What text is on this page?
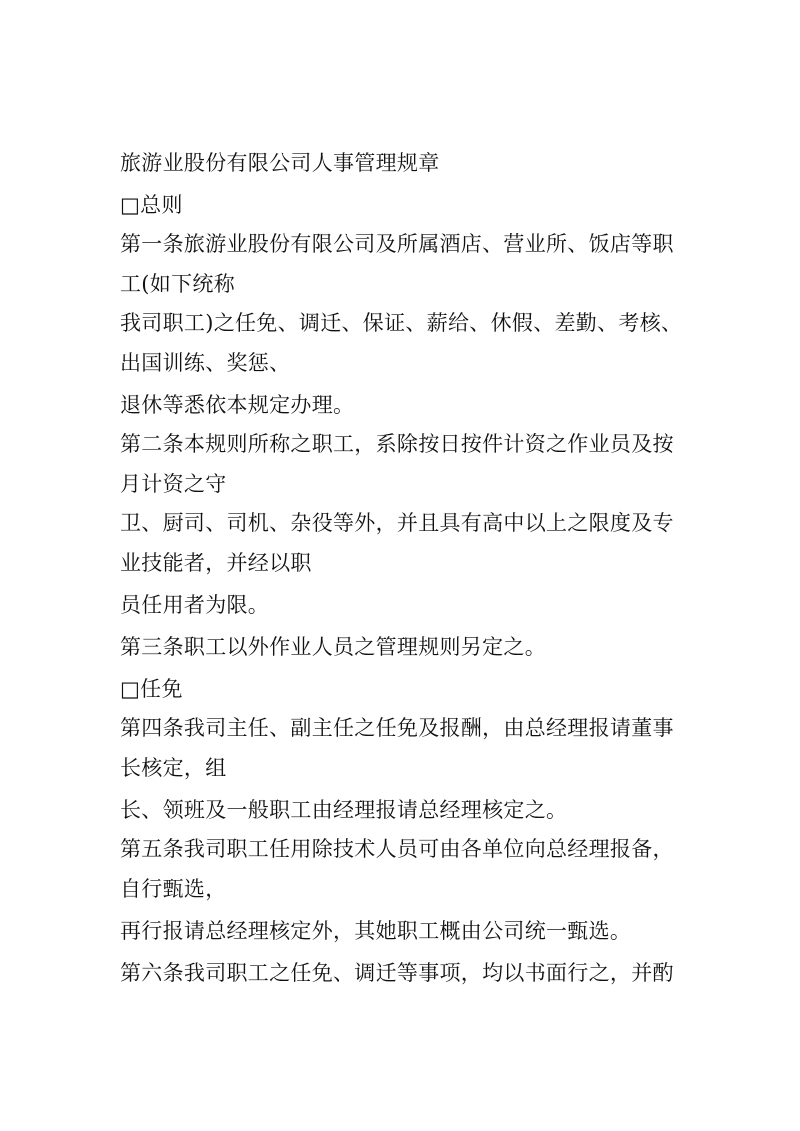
旅游业股份有限公司人事管理规章
□总则
第一条旅游业股份有限公司及所属酒店、营业所、饭店等职
工(如下统称
我司职工)之任免、调迁、保证、薪给、休假、差勤、考核、
出国训练、奖惩、
退休等悉依本规定办理。
第二条本规则所称之职工，系除按日按件计资之作业员及按
月计资之守
卫、厨司、司机、杂役等外，并且具有高中以上之限度及专
业技能者，并经以职
员任用者为限。
第三条职工以外作业人员之管理规则另定之。
□任免
第四条我司主任、副主任之任免及报酬，由总经理报请董事
长核定，组
长、领班及一般职工由经理报请总经理核定之。
第五条我司职工任用除技术人员可由各单位向总经理报备，
自行甄选，
再行报请总经理核定外，其她职工概由公司统一甄选。
第六条我司职工之任免、调迁等事项，均以书面行之，并酌
